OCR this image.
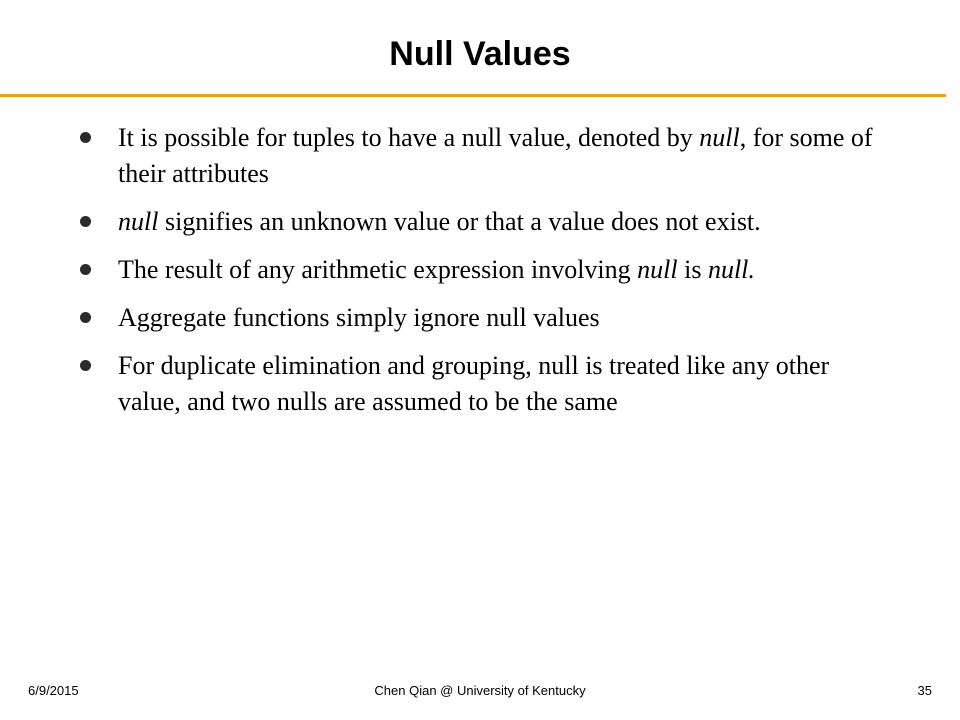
Null Values
It is possible for tuples to have a null value, denoted by null, for some of their attributes
null signifies an unknown value or that a value does not exist.
The result of any arithmetic expression involving null is null.
Aggregate functions simply ignore null values
For duplicate elimination and grouping, null is treated like any other value, and two nulls are assumed to be the same
6/9/2015	Chen Qian @ University of Kentucky	35
